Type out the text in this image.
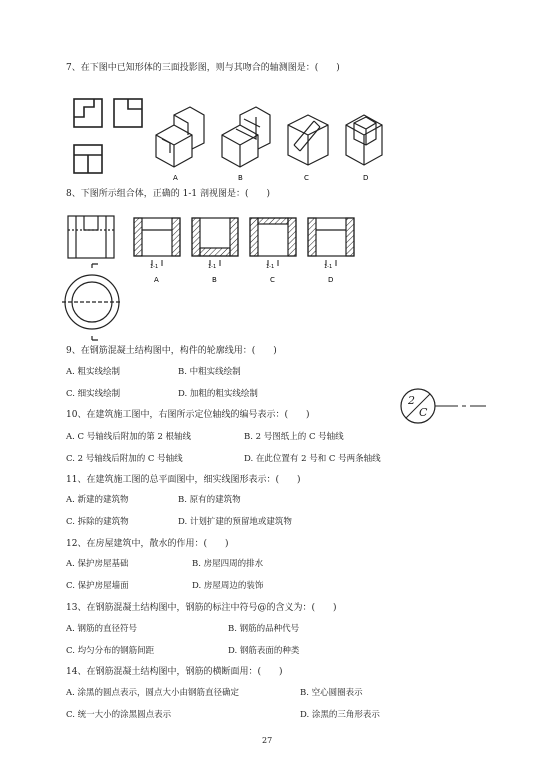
7、在下图中已知形体的三面投影图，则与其吻合的轴测图是：(　　)
A	B	C	D
8、下图所示组合体，正确的 1-1 剖视图是：(　　)
1-1	1-1	1-1	1-1
A	B	C	D
9、在钢筋混凝土结构图中，构件的轮廓线用：(　　)
A. 粗实线绘制	B. 中粗实线绘制
C. 细实线绘制	D. 加粗的粗实线绘制	2
C
10、在建筑施工图中，右图所示定位轴线的编号表示：(　　)
A. C 号轴线后附加的第 2 根轴线	B. 2 号图纸上的 C 号轴线
C. 2 号轴线后附加的 C 号轴线	D. 在此位置有 2 号和 C 号两条轴线
11、在建筑施工图的总平面图中，细实线图形表示：(　　)
A. 新建的建筑物	B. 原有的建筑物
C. 拆除的建筑物	D. 计划扩建的预留地或建筑物
12、在房屋建筑中，散水的作用：(　　)
A. 保护房屋基础	B. 房屋四周的排水
C. 保护房屋墙面	D. 房屋周边的装饰
13、在钢筋混凝土结构图中，钢筋的标注中符号@的含义为：(　　)
A. 钢筋的直径符号	B. 钢筋的品种代号
C. 均匀分布的钢筋间距	D. 钢筋表面的种类
14、在钢筋混凝土结构图中，钢筋的横断面用：(　　)
A. 涂黑的圆点表示，圆点大小由钢筋直径确定	B. 空心圆圈表示
C. 统一大小的涂黑圆点表示	D. 涂黑的三角形表示
27
